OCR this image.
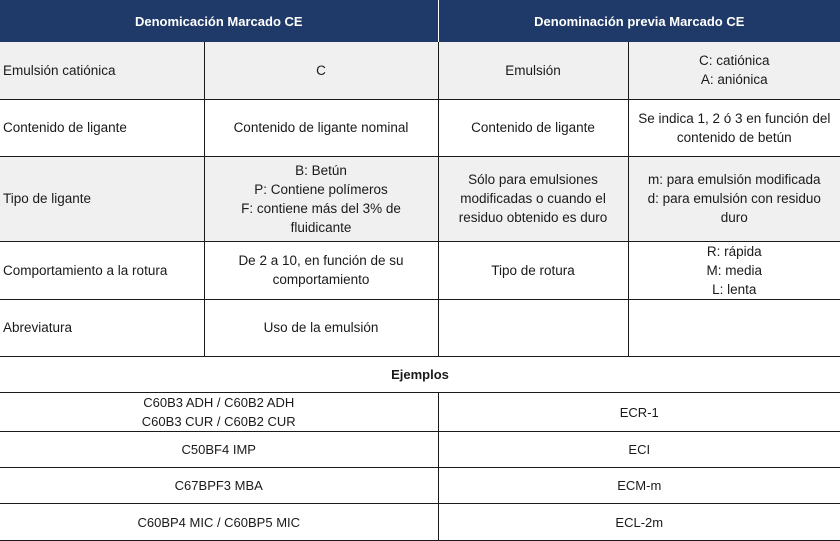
Denomicación Marcado CE		Denominación previa Marcado CE	
Emulsión catiónica	C	Emulsión	C: catiónica
A: aniónica

Contenido de ligante	Contenido de ligante nominal	Contenido de ligante	Se indica 1, 2 ó 3 en función del
contenido de betún

Tipo de ligante	B: Betún
P: Contiene polímeros
F: contiene más del 3% de fluidicante	Sólo para emulsiones
modificadas o cuando el
residuo obtenido es duro	m: para emulsión modificada
d: para emulsión con residuo duro

Comportamiento a la rotura	De 2 a 10, en función de su
comportamiento	Tipo de rotura	R: rápida
M: media
L: lenta

Abreviatura	Uso de la emulsión		

Ejemplos	

C60B3 ADH / C60B2 ADH
C60B3 CUR / C60B2 CUR	ECR-1

C50BF4 IMP	ECI

C67BPF3 MBA	ECM-m

C60BP4 MIC / C60BP5 MIC	ECL-2m
